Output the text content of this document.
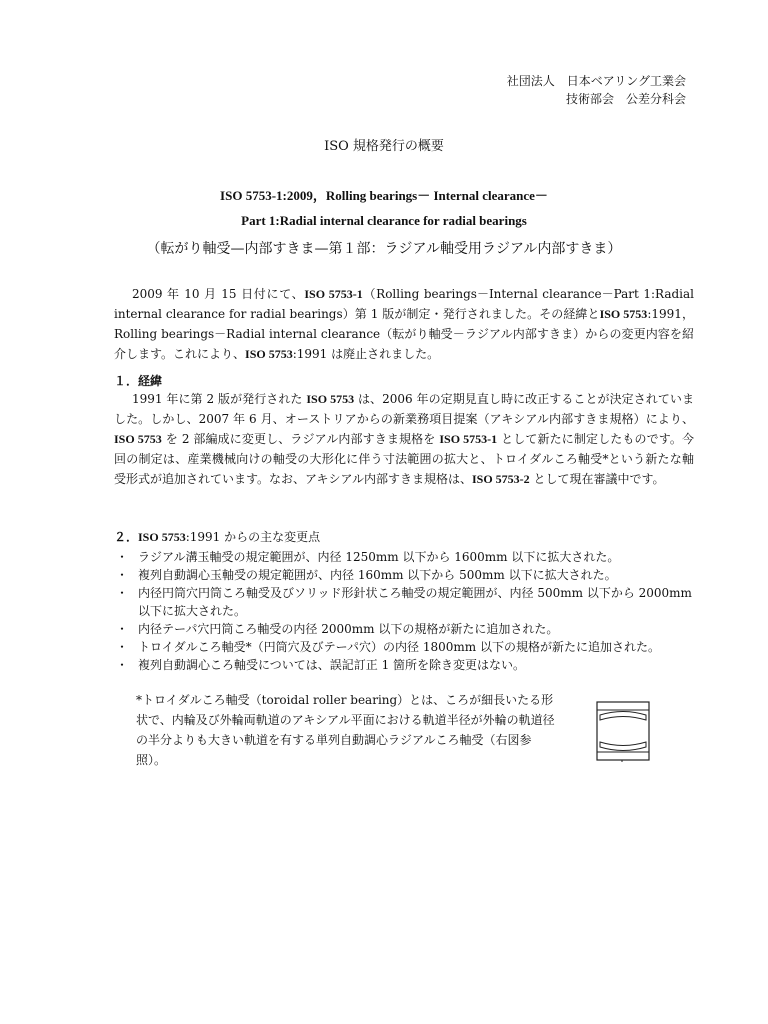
社団法人　日本ベアリング工業会
技術部会　公差分科会
ISO 規格発行の概要
ISO 5753-1:2009，Rolling bearings－ Internal clearance－
Part 1:Radial internal clearance for radial bearings
（転がり軸受—内部すきま—第１部：ラジアル軸受用ラジアル内部すきま）
2009 年 10 月 15 日付にて、ISO 5753-1（Rolling bearings－Internal clearance－Part 1:Radial internal clearance for radial bearings）第 1 版が制定・発行されました。その経緯とISO 5753:1991，Rolling bearings－Radial internal clearance（転がり軸受－ラジアル内部すきま）からの変更内容を紹介します。これにより、ISO 5753:1991 は廃止されました。
１．経緯
1991 年に第 2 版が発行された ISO 5753 は、2006 年の定期見直し時に改正することが決定されていました。しかし、2007 年 6 月、オーストリアからの新業務項目提案（アキシアル内部すきま規格）により、ISO 5753 を 2 部編成に変更し、ラジアル内部すきま規格を ISO 5753-1 として新たに制定したものです。今回の制定は、産業機械向けの軸受の大形化に伴う寸法範囲の拡大と、トロイダルころ軸受*という新たな軸受形式が追加されています。なお、アキシアル内部すきま規格は、ISO 5753-2 として現在審議中です。
２．ISO 5753:1991 からの主な変更点
・ ラジアル溝玉軸受の規定範囲が、内径 1250mm 以下から 1600mm 以下に拡大された。
・ 複列自動調心玉軸受の規定範囲が、内径 160mm 以下から 500mm 以下に拡大された。
・ 内径円筒穴円筒ころ軸受及びソリッド形針状ころ軸受の規定範囲が、内径 500mm 以下から 2000mm 以下に拡大された。
・ 内径テーパ穴円筒ころ軸受の内径 2000mm 以下の規格が新たに追加された。
・ トロイダルころ軸受*（円筒穴及びテーパ穴）の内径 1800mm 以下の規格が新たに追加された。
・ 複列自動調心ころ軸受については、誤記訂正 1 箇所を除き変更はない。
*トロイダルころ軸受（toroidal roller bearing）とは、ころが細長いたる形状で、内輪及び外輪両軌道のアキシアル平面における軌道半径が外輪の軌道径の半分よりも大きい軌道を有する単列自動調心ラジアルころ軸受（右図参照）。
